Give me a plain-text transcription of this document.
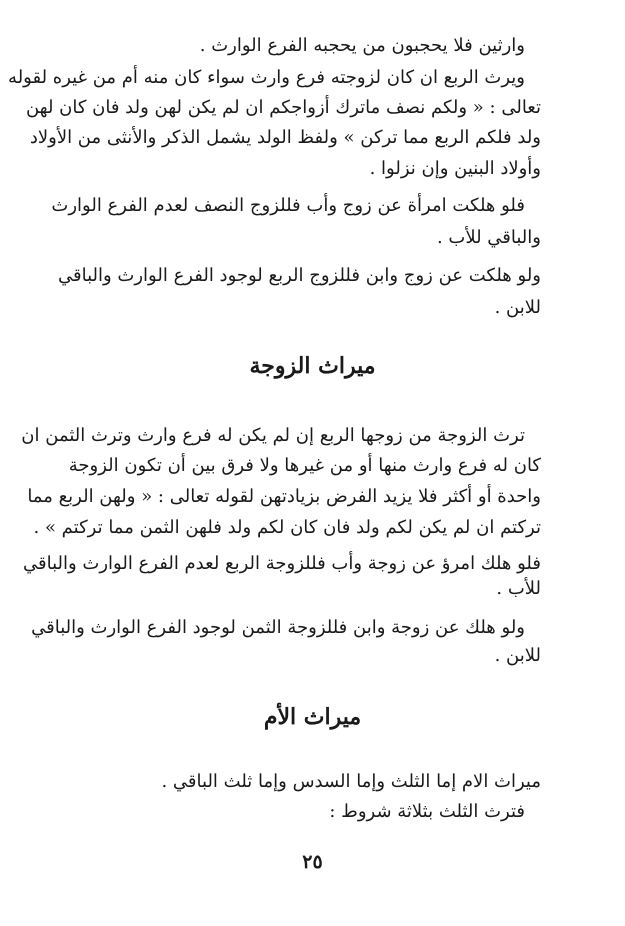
وارثين فلا يحجبون من يحجبه الفرع الوارث .
ويرث الربع ان كان لزوجته فرع وارث سواء كان منه أم من غيره لقوله
تعالى : « ولكم نصف ماترك أزواجكم ان لم يكن لهن ولد فان كان لهن
ولد فلكم الربع مما تركن » ولفظ الولد يشمل الذكر والأنثى من الأولاد
وأولاد البنين وإن نزلوا .
فلو هلكت امرأة عن زوج وأب فللزوج النصف لعدم الفرع الوارث
والباقي للأب .
ولو هلكت عن زوج وابن فللزوج الربع لوجود الفرع الوارث والباقي
للابن .
ميراث الزوجة
ترث الزوجة من زوجها الربع إن لم يكن له فرع وارث وترث الثمن ان
كان له فرع وارث منها أو من غيرها ولا فرق بين أن تكون الزوجة
واحدة أو أكثر فلا يزيد الفرض بزيادتهن لقوله تعالى : « ولهن الربع مما
تركتم ان لم يكن لكم ولد فان كان لكم ولد فلهن الثمن مما تركتم » .
فلو هلك امرؤ عن زوجة وأب فللزوجة الربع لعدم الفرع الوارث والباقي
للأب .
ولو هلك عن زوجة وابن فللزوجة الثمن لوجود الفرع الوارث والباقي
للابن .
ميراث الأم
ميراث الام إما الثلث وإما السدس وإما ثلث الباقي .
فترث الثلث بثلاثة شروط :
٢٥
